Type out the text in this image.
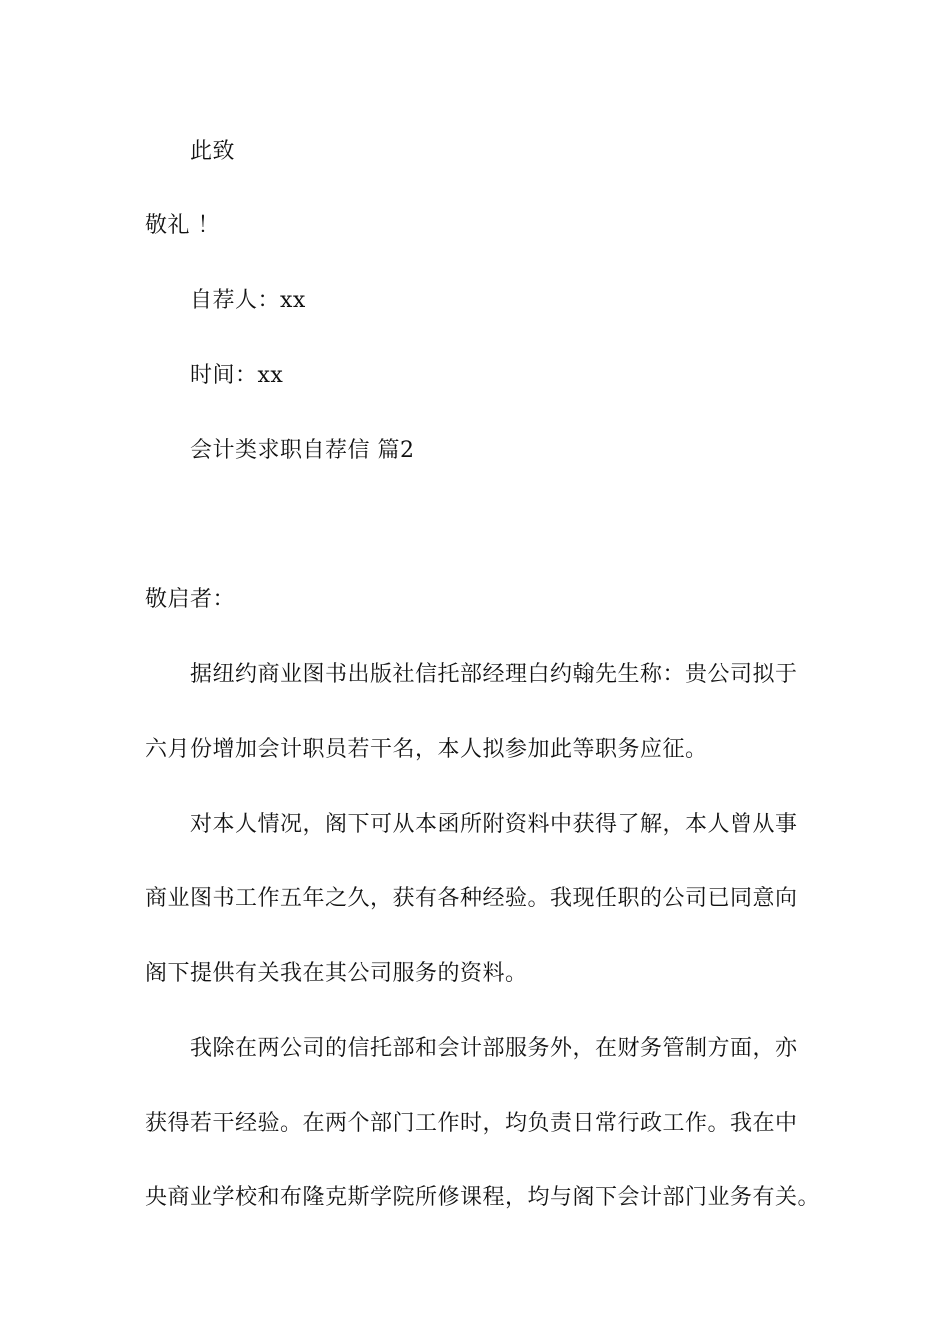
此致
敬礼 ！
自荐人：xx
时间：xx
会计类求职自荐信 篇2
敬启者：
据纽约商业图书出版社信托部经理白约翰先生称：贵公司拟于
六月份增加会计职员若干名，本人拟参加此等职务应征。
对本人情况，阁下可从本函所附资料中获得了解，本人曾从事
商业图书工作五年之久，获有各种经验。我现任职的公司已同意向
阁下提供有关我在其公司服务的资料。
我除在两公司的信托部和会计部服务外，在财务管制方面，亦
获得若干经验。在两个部门工作时，均负责日常行政工作。我在中
央商业学校和布隆克斯学院所修课程，均与阁下会计部门业务有关。
